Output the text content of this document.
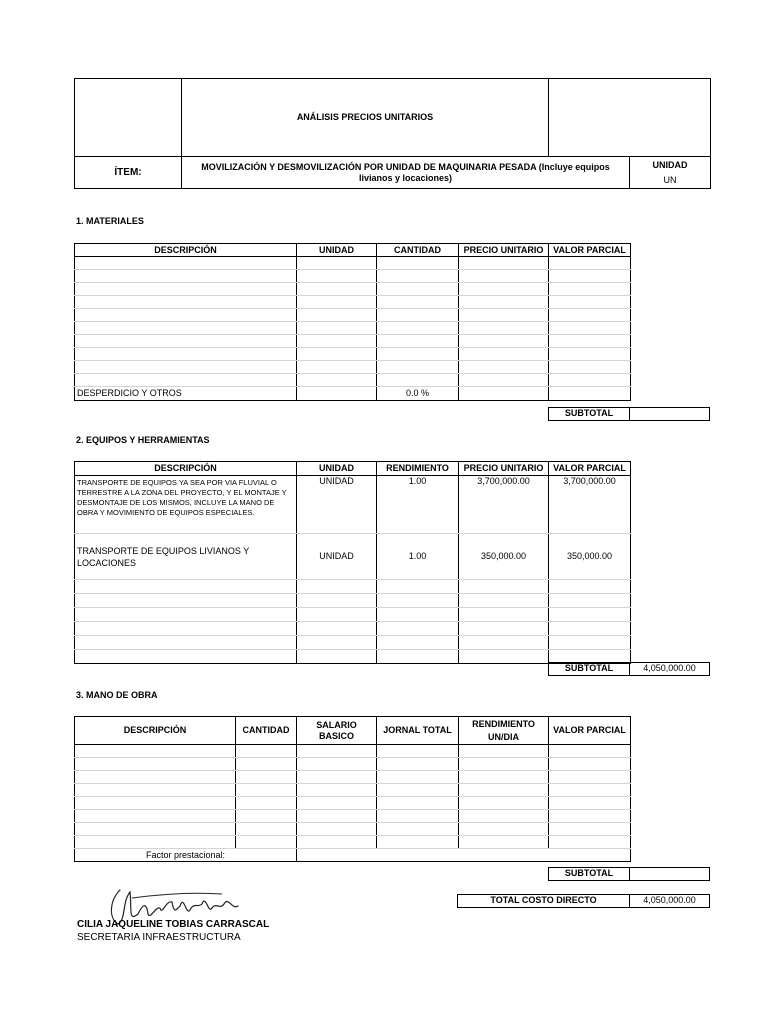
	ANÁLISIS PRECIOS UNITARIOS		
ÍTEM:	MOVILIZACIÓN Y DESMOVILIZACIÓN POR UNIDAD DE MAQUINARIA PESADA (Incluye equipos livianos y locaciones)		UNIDAD
UN
1. MATERIALES
DESCRIPCIÓN	UNIDAD	CANTIDAD	PRECIO UNITARIO	VALOR PARCIAL

DESPERDICIO Y OTROS		0.0 %		
SUBTOTAL
2. EQUIPOS Y HERRAMIENTAS
DESCRIPCIÓN	UNIDAD	RENDIMIENTO	PRECIO UNITARIO	VALOR PARCIAL
TRANSPORTE DE EQUIPOS YA SEA POR VIA FLUVIAL O TERRESTRE A LA ZONA DEL PROYECTO, Y EL MONTAJE Y DESMONTAJE DE LOS MISMOS, INCLUYE LA MANO DE OBRA Y MOVIMIENTO DE EQUIPOS ESPECIALES.	UNIDAD	1.00	3,700,000.00	3,700,000.00
TRANSPORTE DE EQUIPOS LIVIANOS Y LOCACIONES	UNIDAD	1.00	350,000.00	350,000.00

SUBTOTAL	4,050,000.00
3. MANO DE OBRA
DESCRIPCIÓN	CANTIDAD	SALARIO BASICO	JORNAL TOTAL	RENDIMIENTO UN/DIA	VALOR PARCIAL

Factor prestacional:					
SUBTOTAL
TOTAL COSTO DIRECTO	4,050,000.00
CILIA JAQUELINE TOBIAS CARRASCAL
SECRETARIA INFRAESTRUCTURA
